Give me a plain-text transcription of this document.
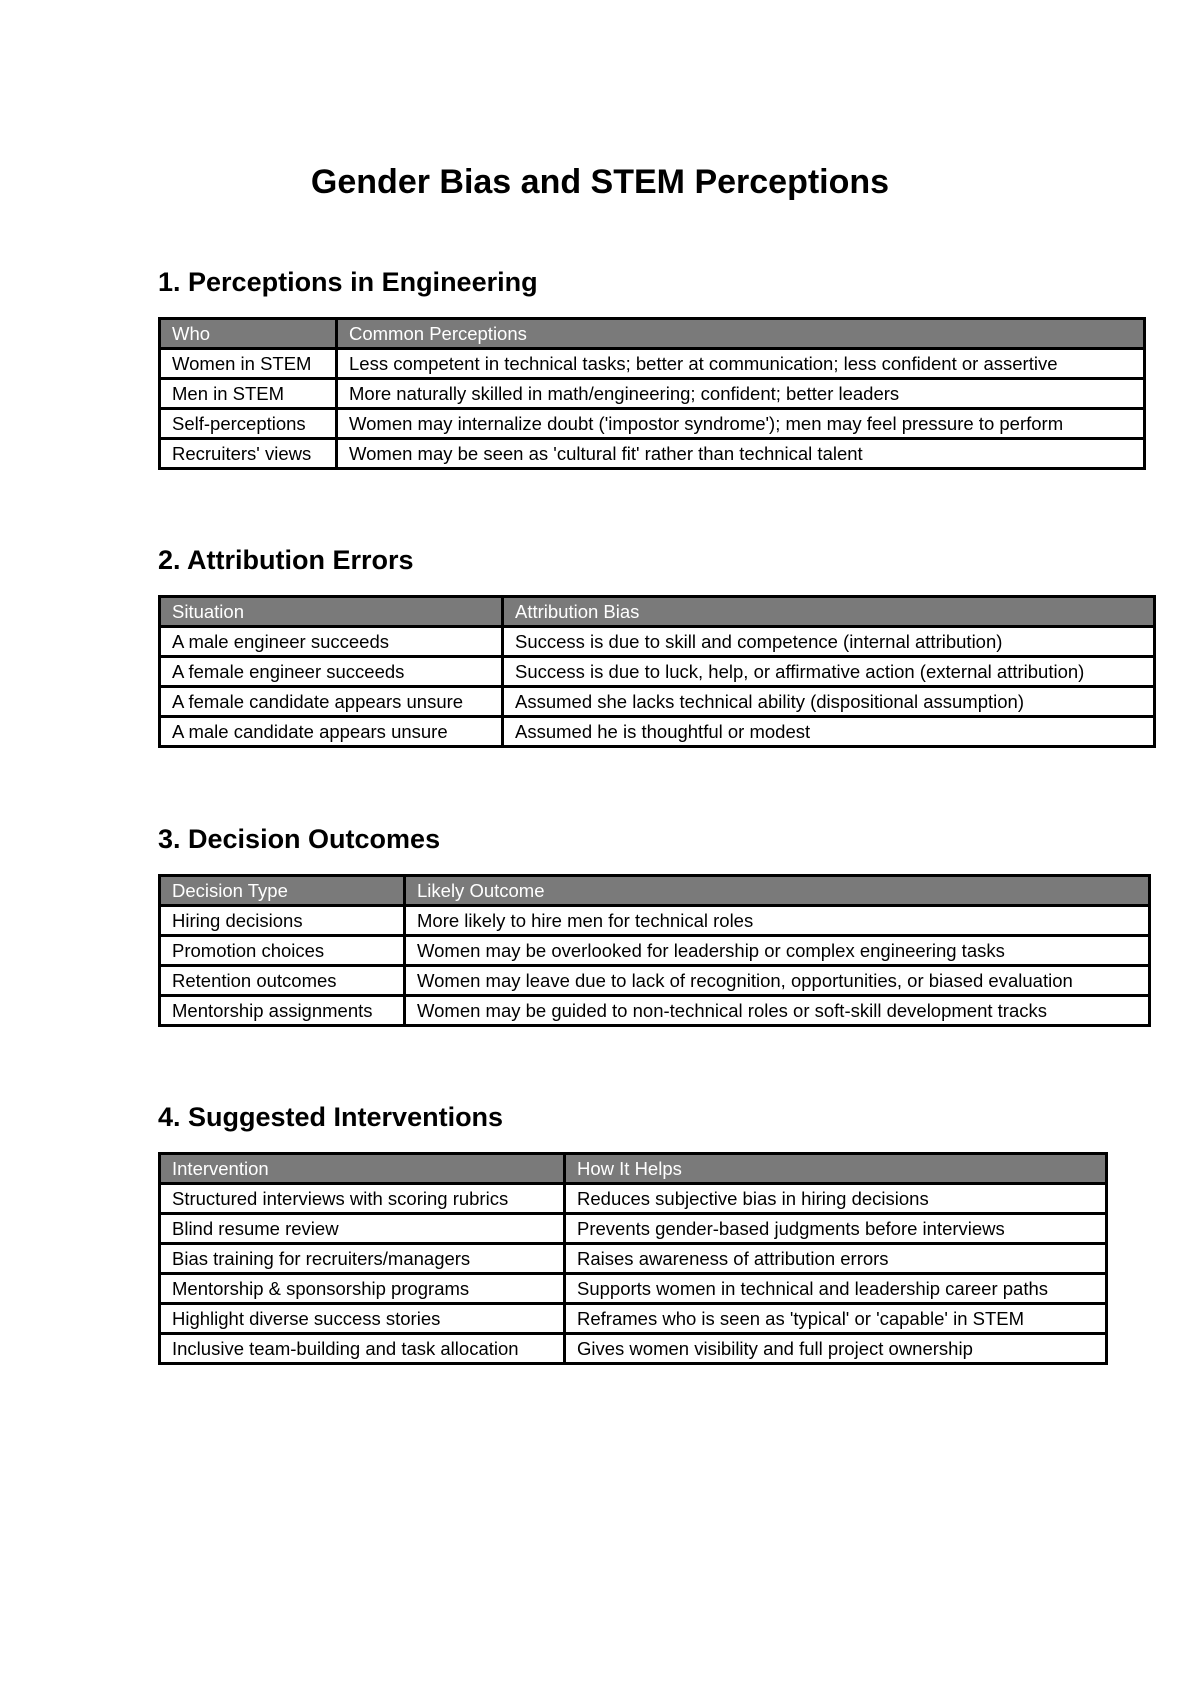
Gender Bias and STEM Perceptions
1. Perceptions in Engineering
Who	Common Perceptions
Women in STEM	Less competent in technical tasks; better at communication; less confident or assertive
Men in STEM	More naturally skilled in math/engineering; confident; better leaders
Self-perceptions	Women may internalize doubt ('impostor syndrome'); men may feel pressure to perform
Recruiters' views	Women may be seen as 'cultural fit' rather than technical talent
2. Attribution Errors
Situation	Attribution Bias
A male engineer succeeds	Success is due to skill and competence (internal attribution)
A female engineer succeeds	Success is due to luck, help, or affirmative action (external attribution)
A female candidate appears unsure	Assumed she lacks technical ability (dispositional assumption)
A male candidate appears unsure	Assumed he is thoughtful or modest
3. Decision Outcomes
Decision Type	Likely Outcome
Hiring decisions	More likely to hire men for technical roles
Promotion choices	Women may be overlooked for leadership or complex engineering tasks
Retention outcomes	Women may leave due to lack of recognition, opportunities, or biased evaluation
Mentorship assignments	Women may be guided to non-technical roles or soft-skill development tracks
4. Suggested Interventions
Intervention	How It Helps
Structured interviews with scoring rubrics	Reduces subjective bias in hiring decisions
Blind resume review	Prevents gender-based judgments before interviews
Bias training for recruiters/managers	Raises awareness of attribution errors
Mentorship & sponsorship programs	Supports women in technical and leadership career paths
Highlight diverse success stories	Reframes who is seen as 'typical' or 'capable' in STEM
Inclusive team-building and task allocation	Gives women visibility and full project ownership
